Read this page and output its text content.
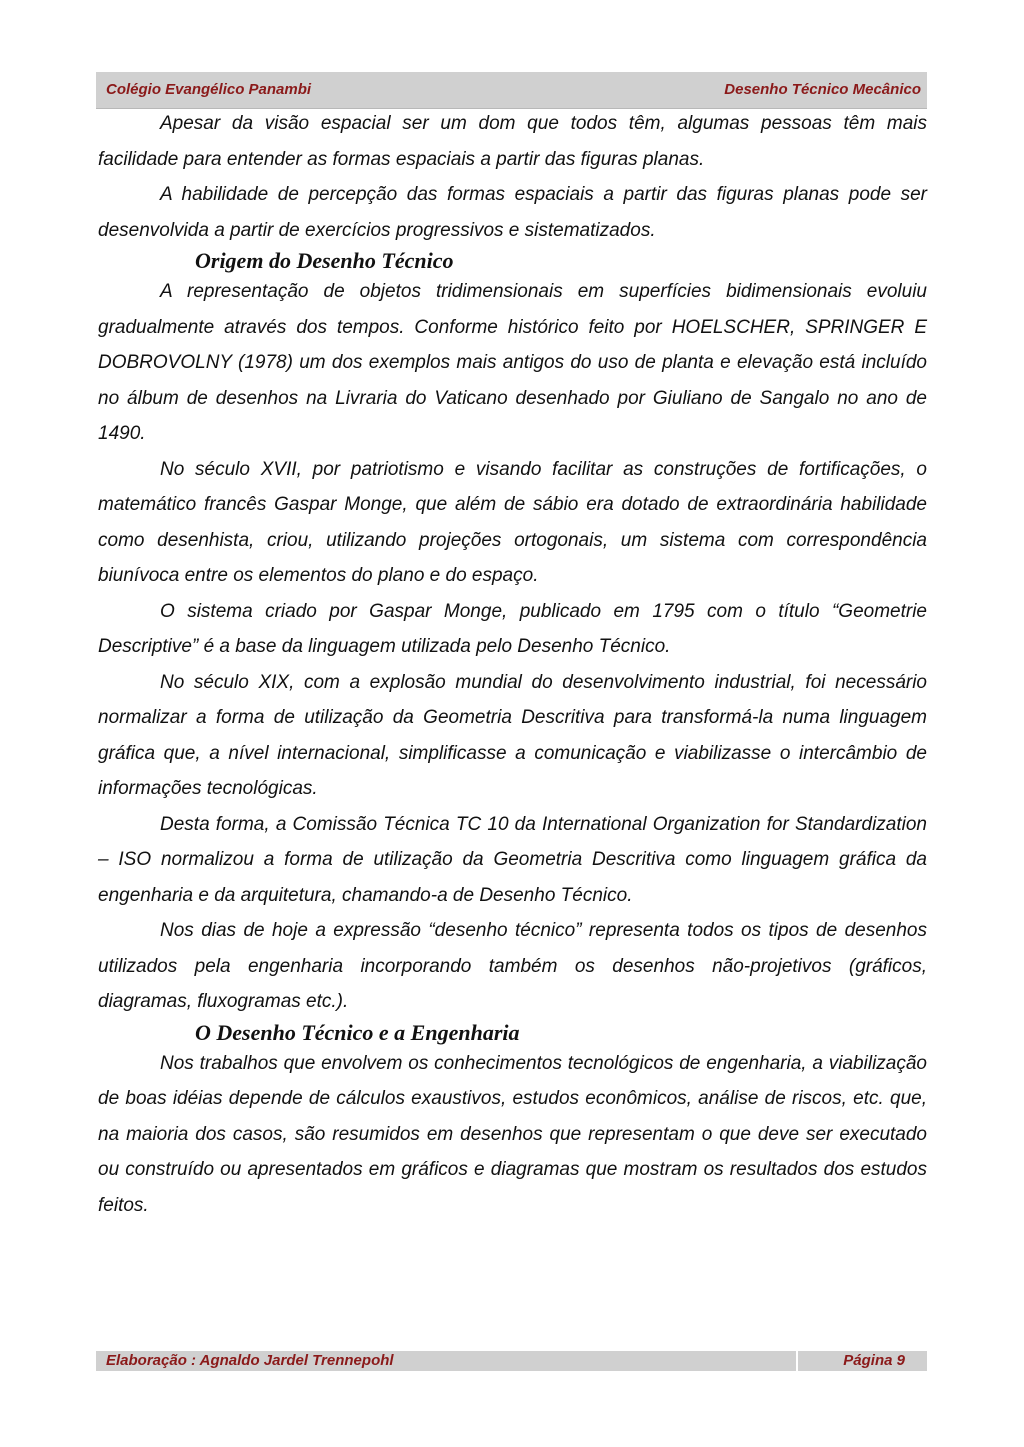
Colégio Evangélico Panambi	Desenho Técnico Mecânico

Apesar da visão espacial ser um dom que todos têm, algumas pessoas têm mais facilidade para entender as formas espaciais a partir das figuras planas.

A habilidade de percepção das formas espaciais a partir das figuras planas pode ser desenvolvida a partir de exercícios progressivos e sistematizados.

Origem do Desenho Técnico

A representação de objetos tridimensionais em superfícies bidimensionais evoluiu gradualmente através dos tempos. Conforme histórico feito por HOELSCHER, SPRINGER E DOBROVOLNY (1978) um dos exemplos mais antigos do uso de planta e elevação está incluído no álbum de desenhos na Livraria do Vaticano desenhado por Giuliano de Sangalo no ano de 1490.

No século XVII, por patriotismo e visando facilitar as construções de fortificações, o matemático francês Gaspar Monge, que além de sábio era dotado de extraordinária habilidade como desenhista, criou, utilizando projeções ortogonais, um sistema com correspondência biunívoca entre os elementos do plano e do espaço.

O sistema criado por Gaspar Monge, publicado em 1795 com o título “Geometrie Descriptive” é a base da linguagem utilizada pelo Desenho Técnico.

No século XIX, com a explosão mundial do desenvolvimento industrial, foi necessário normalizar a forma de utilização da Geometria Descritiva para transformá-la numa linguagem gráfica que, a nível internacional, simplificasse a comunicação e viabilizasse o intercâmbio de informações tecnológicas.

Desta forma, a Comissão Técnica TC 10 da International Organization for Standardization – ISO normalizou a forma de utilização da Geometria Descritiva como linguagem gráfica da engenharia e da arquitetura, chamando-a de Desenho Técnico.

Nos dias de hoje a expressão “desenho técnico” representa todos os tipos de desenhos utilizados pela engenharia incorporando também os desenhos não-projetivos (gráficos, diagramas, fluxogramas etc.).

O Desenho Técnico e a Engenharia

Nos trabalhos que envolvem os conhecimentos tecnológicos de engenharia, a viabilização de boas idéias depende de cálculos exaustivos, estudos econômicos, análise de riscos, etc. que, na maioria dos casos, são resumidos em desenhos que representam o que deve ser executado ou construído ou apresentados em gráficos e diagramas que mostram os resultados dos estudos feitos.

Elaboração : Agnaldo Jardel Trennepohl	Página 9
